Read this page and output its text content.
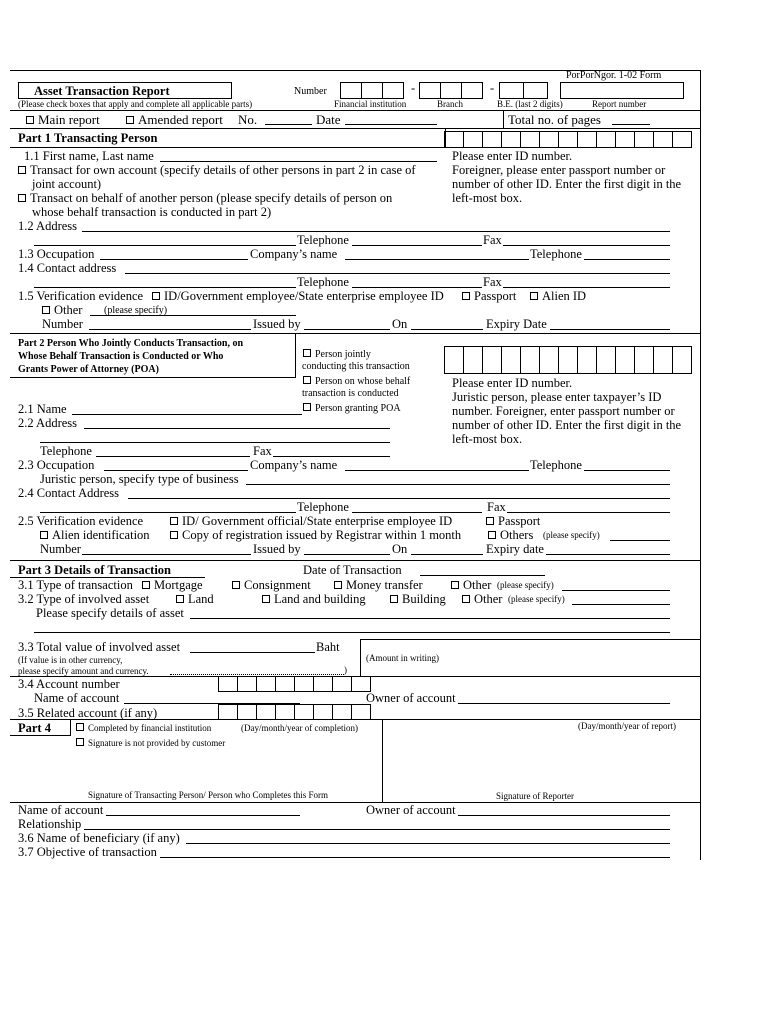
PorPorNgor. 1-02 Form
Asset Transaction Report	Number	-	-
(Please check boxes that apply and complete all applicable parts)	Financial institution	Branch	B.E. (last 2 digits)	Report number
Main report	Amended report No.	Date	Total no. of pages
Part 1 Transacting Person
1.1 First name, Last name
Transact for own account (specify details of other persons in part 2 in case of
joint account)
Transact on behalf of another person (please specify details of person on
whose behalf transaction is conducted in part 2)
Please enter ID number.
Foreigner, please enter passport number or
number of other ID. Enter the first digit in the
left-most box.
1.2 Address
Telephone	Fax
1.3 Occupation	Company’s name	Telephone
1.4 Contact address
Telephone	Fax
1.5 Verification evidence	ID/Government employee/State enterprise employee ID	Passport	Alien ID
Other (please specify)
Number	Issued by	On	Expiry Date
Part 2 Person Who Jointly Conducts Transaction, on
Whose Behalf Transaction is Conducted or Who
Grants Power of Attorney (POA)
Person jointly
conducting this transaction
Person on whose behalf
transaction is conducted
Person granting POA
Please enter ID number.
Juristic person, please enter taxpayer’s ID
number. Foreigner, enter passport number or
number of other ID. Enter the first digit in the
left-most box.
2.1 Name
2.2 Address
Telephone	Fax
2.3 Occupation	Company’s name	Telephone
Juristic person, specify type of business
2.4 Contact Address
Telephone	Fax
2.5 Verification evidence	ID/ Government official/State enterprise employee ID	Passport
Alien identification	Copy of registration issued by Registrar within 1 month	Others (please specify)
Number	Issued by	On	Expiry date
Part 3 Details of Transaction	Date of Transaction
3.1 Type of transaction	Mortgage	Consignment	Money transfer	Other (please specify)
3.2 Type of involved asset	Land	Land and building	Building	Other (please specify)
Please specify details of asset
3.3 Total value of involved asset	Baht
(Amount in writing)
(If value is in other currency,
please specify amount and currency.	)
3.4 Account number
Name of account	Owner of account
3.5 Related account (if any)
Part 4	Completed by financial institution	(Day/month/year of completion)
Signature is not provided by customer
(Day/month/year of report)
Signature of Transacting Person/ Person who Completes this Form	Signature of Reporter
Name of account	Owner of account
Relationship
3.6 Name of beneficiary (if any)
3.7 Objective of transaction
